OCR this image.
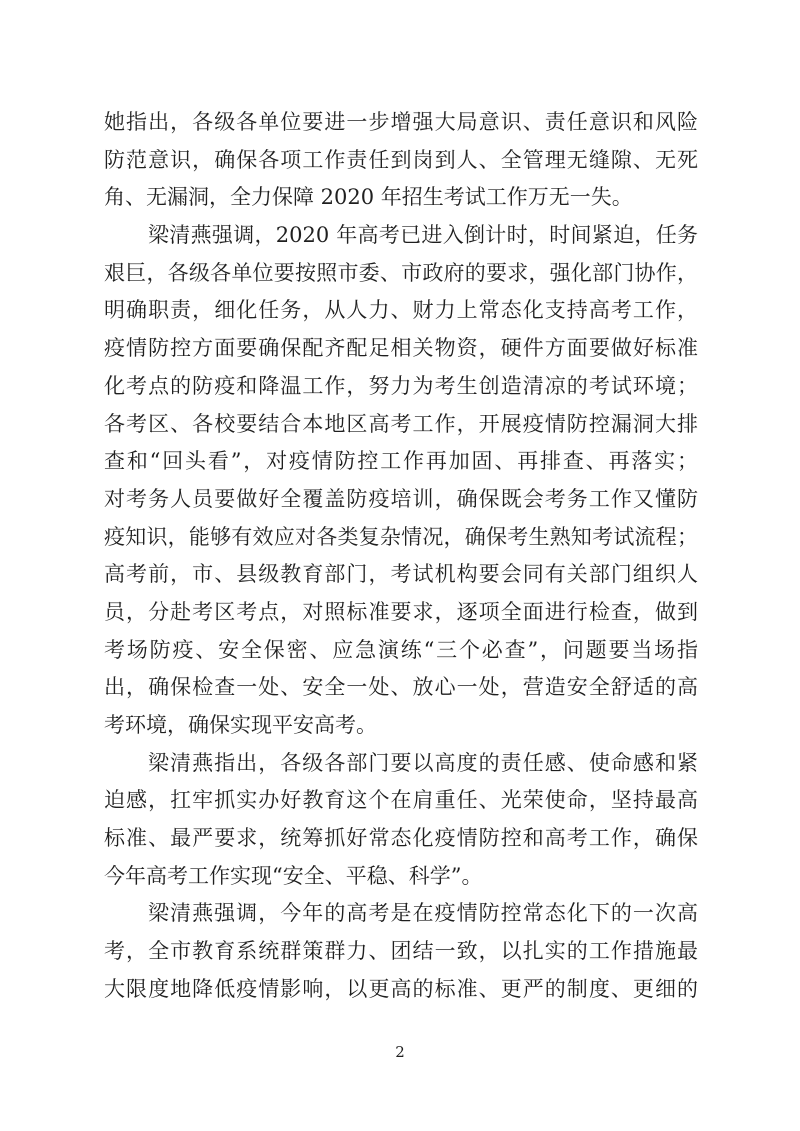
她指出，各级各单位要进一步增强大局意识、责任意识和风险
防范意识，确保各项工作责任到岗到人、全管理无缝隙、无死
角、无漏洞，全力保障 2020 年招生考试工作万无一失。
梁清燕强调，2020 年高考已进入倒计时，时间紧迫，任务
艰巨，各级各单位要按照市委、市政府的要求，强化部门协作，
明确职责，细化任务，从人力、财力上常态化支持高考工作，
疫情防控方面要确保配齐配足相关物资，硬件方面要做好标准
化考点的防疫和降温工作，努力为考生创造清凉的考试环境；
各考区、各校要结合本地区高考工作，开展疫情防控漏洞大排
查和“回头看”，对疫情防控工作再加固、再排查、再落实；
对考务人员要做好全覆盖防疫培训，确保既会考务工作又懂防
疫知识，能够有效应对各类复杂情况，确保考生熟知考试流程；
高考前，市、县级教育部门，考试机构要会同有关部门组织人
员，分赴考区考点，对照标准要求，逐项全面进行检查，做到
考场防疫、安全保密、应急演练“三个必查”，问题要当场指
出，确保检查一处、安全一处、放心一处，营造安全舒适的高
考环境，确保实现平安高考。
梁清燕指出，各级各部门要以高度的责任感、使命感和紧
迫感，扛牢抓实办好教育这个在肩重任、光荣使命，坚持最高
标准、最严要求，统筹抓好常态化疫情防控和高考工作，确保
今年高考工作实现“安全、平稳、科学”。
梁清燕强调，今年的高考是在疫情防控常态化下的一次高
考，全市教育系统群策群力、团结一致，以扎实的工作措施最
大限度地降低疫情影响，以更高的标准、更严的制度、更细的
2
